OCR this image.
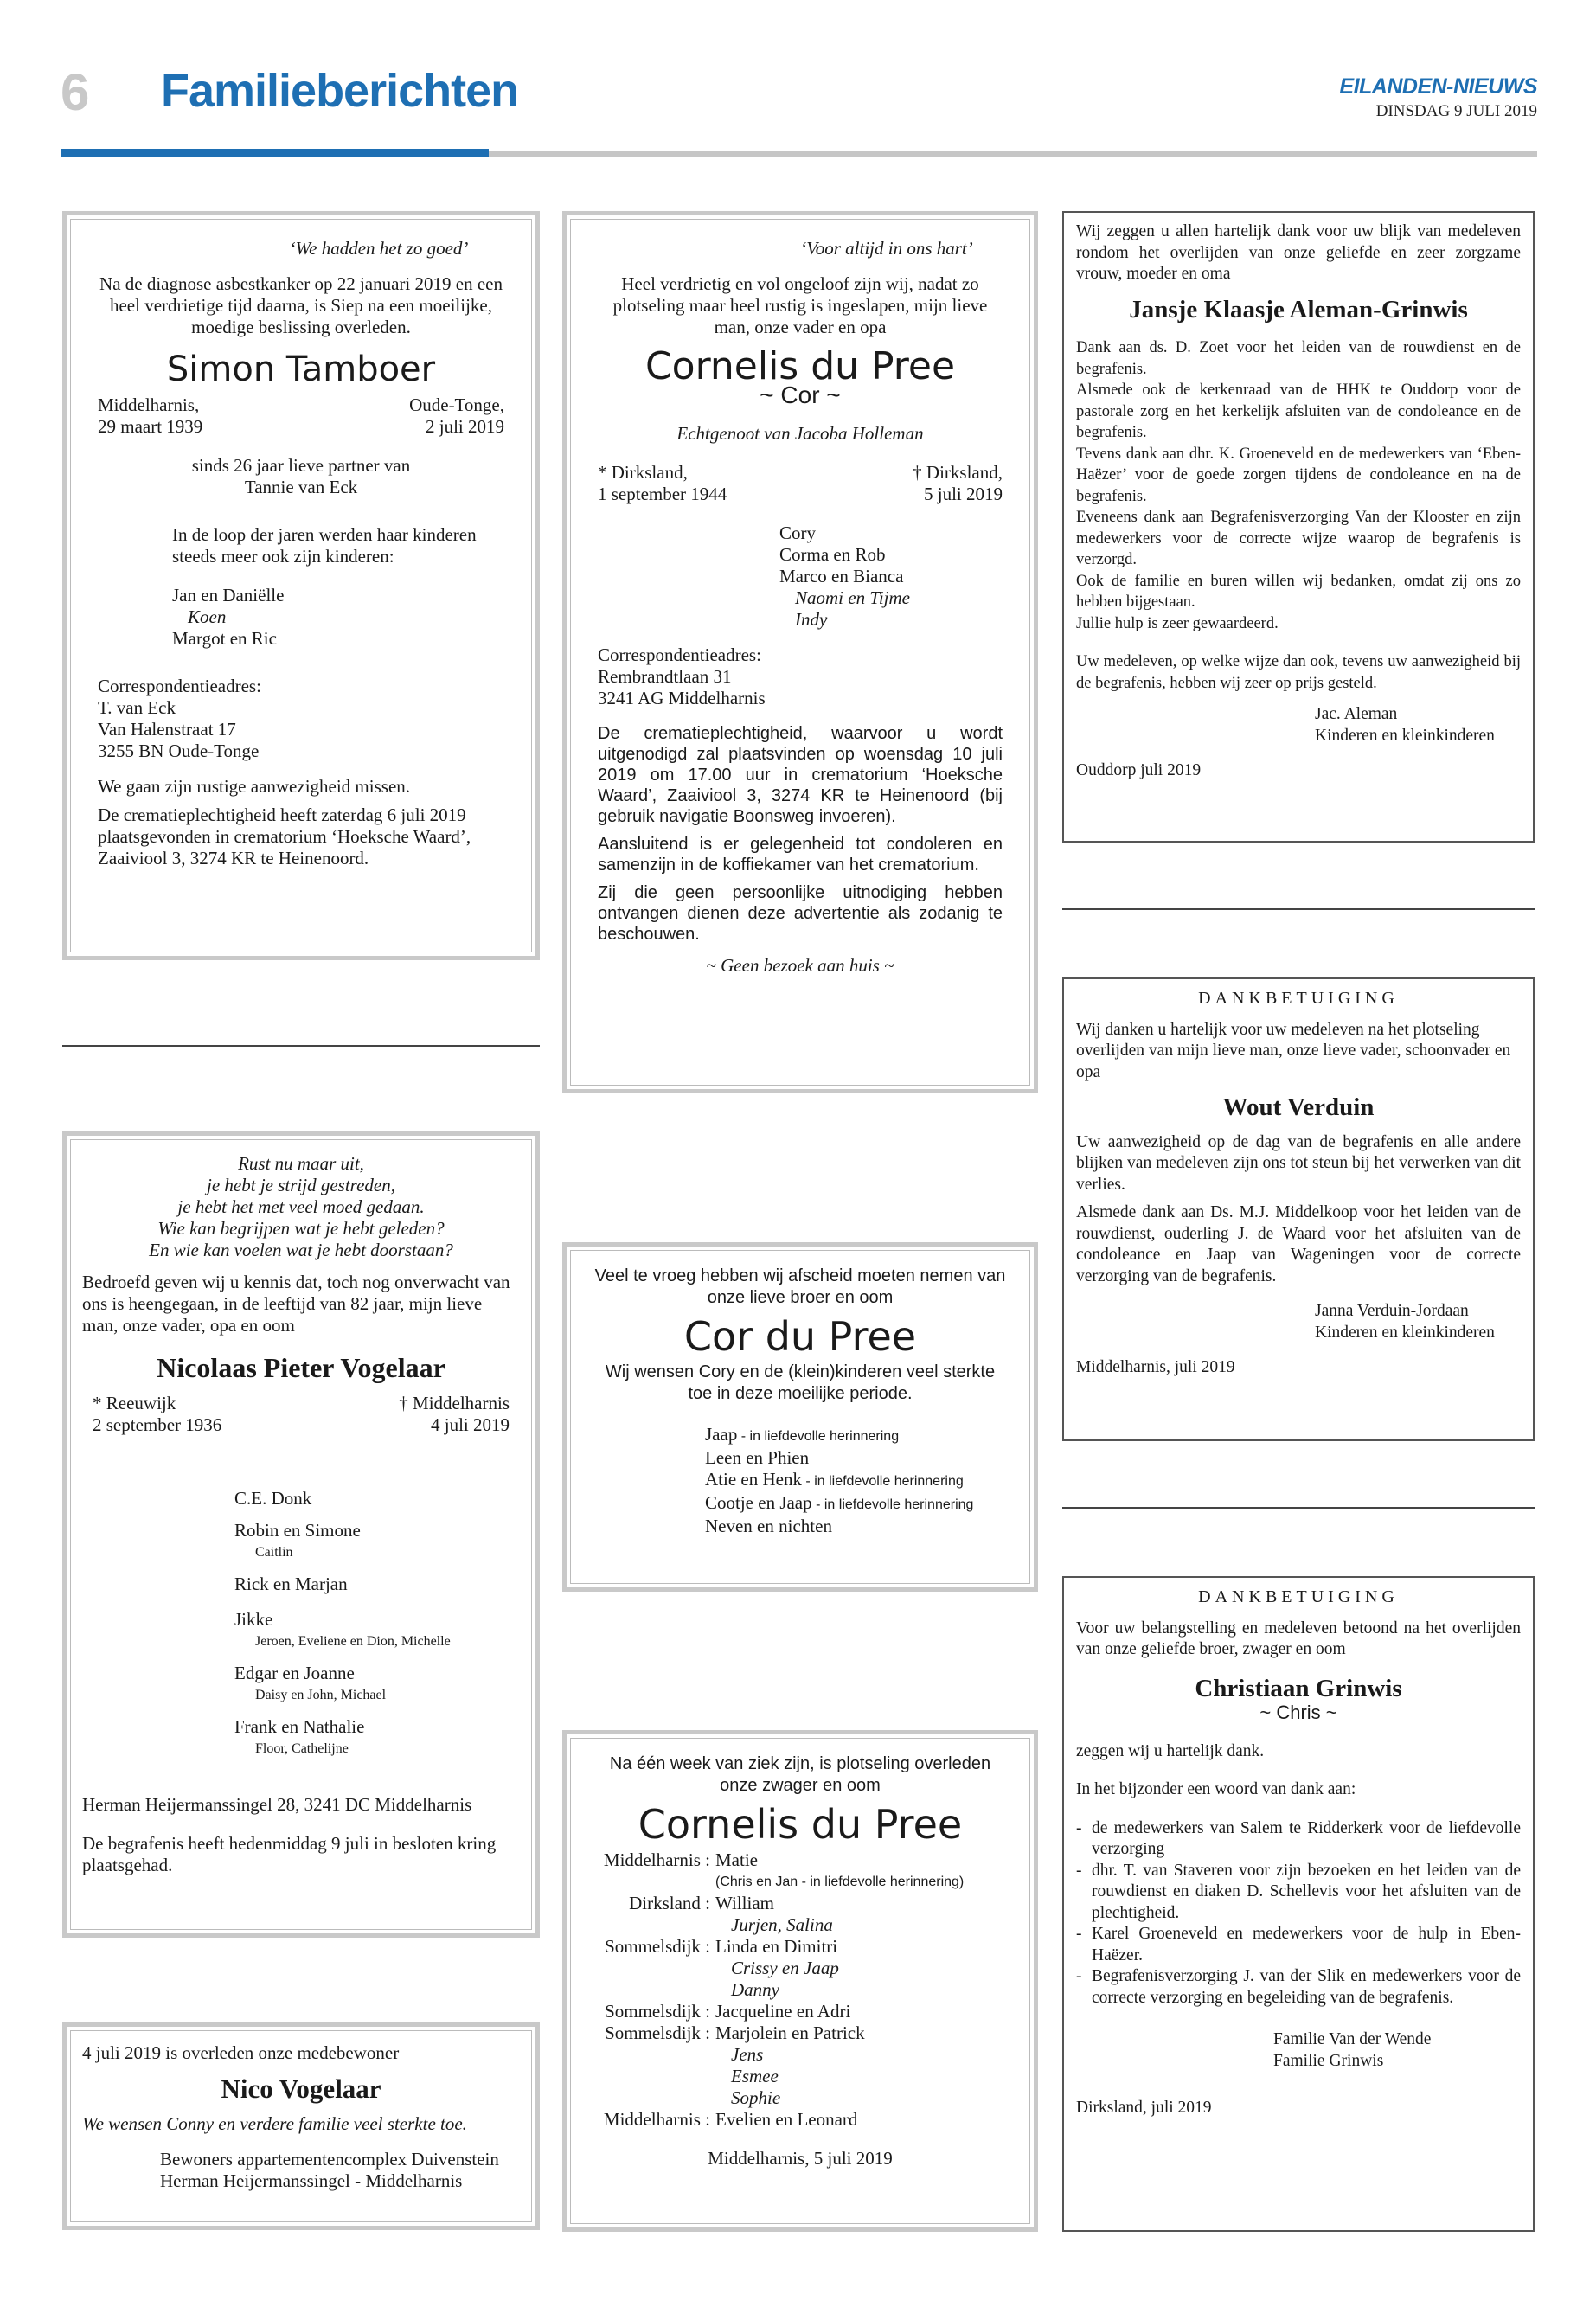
6 Familieberichten	EILANDEN-NIEUWS
DINSDAG 9 JULI 2019

‘We hadden het zo goed’

Na de diagnose asbestkanker op 22 januari 2019 en een heel verdrietige tijd daarna, is Siep na een moeilijke, moedige beslissing overleden.

Simon Tamboer

Middelharnis,

29 maart 1939

Oude-Tonge,

2 juli 2019

sinds 26 jaar lieve partner van

Tannie van Eck

In de loop der jaren werden haar kinderen

steeds meer ook zijn kinderen:

Jan en Daniëlle

Koen

Margot en Ric

Correspondentieadres:

T. van Eck

Van Halenstraat 17

3255 BN Oude-Tonge

We gaan zijn rustige aanwezigheid missen.

De crematieplechtigheid heeft zaterdag 6 juli 2019 plaatsgevonden in crematorium ‘Hoeksche Waard’, Zaaiviool 3, 3274 KR te Heinenoord.

Rust nu maar uit,

je hebt je strijd gestreden,

je hebt het met veel moed gedaan.

Wie kan begrijpen wat je hebt geleden?

En wie kan voelen wat je hebt doorstaan?

Bedroefd geven wij u kennis dat, toch nog onverwacht van ons is heengegaan, in de leeftijd van 82 jaar, mijn lieve man, onze vader, opa en oom

Nicolaas Pieter Vogelaar

* Reeuwijk

2 september 1936

† Middelharnis

4 juli 2019

C.E. Donk

Robin en Simone

Caitlin

Rick en Marjan

Jikke

Jeroen, Eveliene en Dion, Michelle

Edgar en Joanne

Daisy en John, Michael

Frank en Nathalie

Floor, Cathelijne

Herman Heijermanssingel 28, 3241 DC Middelharnis

De begrafenis heeft hedenmiddag 9 juli in besloten kring plaatsgehad.

4 juli 2019 is overleden onze medebewoner

Nico Vogelaar

We wensen Conny en verdere familie veel sterkte toe.

Bewoners appartementencomplex Duivenstein

Herman Heijermanssingel - Middelharnis

‘Voor altijd in ons hart’

Heel verdrietig en vol ongeloof zijn wij, nadat zo plotseling maar heel rustig is ingeslapen, mijn lieve man, onze vader en opa

Cornelis du Pree

~ Cor ~

Echtgenoot van Jacoba Holleman

* Dirksland,

1 september 1944

† Dirksland,

5 juli 2019

Cory

Corma en Rob

Marco en Bianca

Naomi en Tijme

Indy

Correspondentieadres:

Rembrandtlaan 31

3241 AG Middelharnis

De crematieplechtigheid, waarvoor u wordt uitgenodigd zal plaatsvinden op woensdag 10 juli 2019 om 17.00 uur in crematorium ‘Hoeksche Waard’, Zaaiviool 3, 3274 KR te Heinenoord (bij gebruik navigatie Boonsweg invoeren).

Aansluitend is er gelegenheid tot condoleren en samenzijn in de koffiekamer van het crematorium.

Zij die geen persoonlijke uitnodiging hebben ontvangen dienen deze advertentie als zodanig te beschouwen.

~ Geen bezoek aan huis ~

Veel te vroeg hebben wij afscheid moeten nemen van onze lieve broer en oom

Cor du Pree

Wij wensen Cory en de (klein)kinderen veel sterkte toe in deze moeilijke periode.

Jaap - in liefdevolle herinnering

Leen en Phien

Atie en Henk - in liefdevolle herinnering

Cootje en Jaap - in liefdevolle herinnering

Neven en nichten

Na één week van ziek zijn, is plotseling overleden onze zwager en oom

Cornelis du Pree

Middelharnis : Matie
(Chris en Jan - in liefdevolle herinnering)
Dirksland : William
Jurjen, Salina
Sommelsdijk : Linda en Dimitri
Crissy en Jaap
Danny
Sommelsdijk : Jacqueline en Adri
Sommelsdijk : Marjolein en Patrick
Jens
Esmee
Sophie
Middelharnis : Evelien en Leonard

Middelharnis, 5 juli 2019

Wij zeggen u allen hartelijk dank voor uw blijk van medeleven rondom het overlijden van onze geliefde en zeer zorgzame vrouw, moeder en oma

Jansje Klaasje Aleman-Grinwis

Dank aan ds. D. Zoet voor het leiden van de rouwdienst en de begrafenis.

Alsmede ook de kerkenraad van de HHK te Ouddorp voor de pastorale zorg en het kerkelijk afsluiten van de condoleance en de begrafenis.

Tevens dank aan dhr. K. Groeneveld en de medewerkers van ‘Eben-Haëzer’ voor de goede zorgen tijdens de condoleance en na de begrafenis.

Eveneens dank aan Begrafenisverzorging Van der Klooster en zijn medewerkers voor de correcte wijze waarop de begrafenis is verzorgd.

Ook de familie en buren willen wij bedanken, omdat zij ons zo hebben bijgestaan.

Jullie hulp is zeer gewaardeerd.

Uw medeleven, op welke wijze dan ook, tevens uw aanwezigheid bij de begrafenis, hebben wij zeer op prijs gesteld.

Jac. Aleman

Kinderen en kleinkinderen

Ouddorp juli 2019

DANKBETUIGING

Wij danken u hartelijk voor uw medeleven na het plotseling overlijden van mijn lieve man, onze lieve vader, schoonvader en opa

Wout Verduin

Uw aanwezigheid op de dag van de begrafenis en alle andere blijken van medeleven zijn ons tot steun bij het verwerken van dit verlies.

Alsmede dank aan Ds. M.J. Middelkoop voor het leiden van de rouwdienst, ouderling J. de Waard voor het afsluiten van de condoleance en Jaap van Wageningen voor de correcte verzorging van de begrafenis.

Janna Verduin-Jordaan

Kinderen en kleinkinderen

Middelharnis, juli 2019

DANKBETUIGING

Voor uw belangstelling en medeleven betoond na het overlijden van onze geliefde broer, zwager en oom

Christiaan Grinwis

~ Chris ~

zeggen wij u hartelijk dank.

In het bijzonder een woord van dank aan:

- de medewerkers van Salem te Ridderkerk voor de liefdevolle verzorging
- dhr. T. van Staveren voor zijn bezoeken en het leiden van de rouwdienst en diaken D. Schellevis voor het afsluiten van de plechtigheid.
- Karel Groeneveld en medewerkers voor de hulp in Eben-Haëzer.
- Begrafenisverzorging J. van der Slik en medewerkers voor de correcte verzorging en begeleiding van de begrafenis.

Familie Van der Wende

Familie Grinwis

Dirksland, juli 2019
